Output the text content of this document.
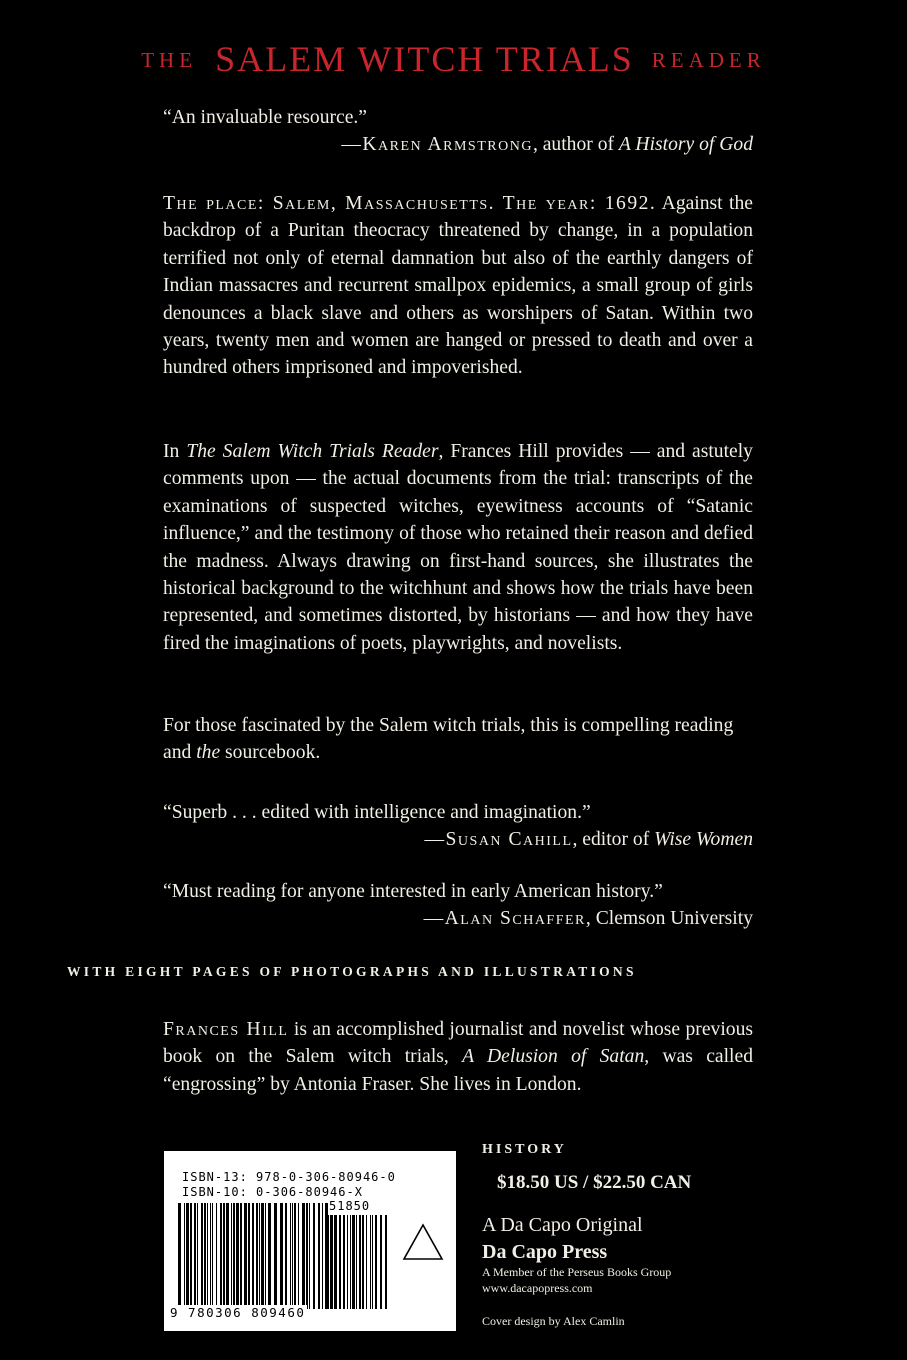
THE SALEM WITCH TRIALS READER

“An invaluable resource.”

—Karen Armstrong, author of A History of God

The place: Salem, Massachusetts. The year: 1692. Against the backdrop of a Puritan theocracy threatened by change, in a population terrified not only of eternal damnation but also of the earthly dangers of Indian massacres and recurrent smallpox epidemics, a small group of girls denounces a black slave and others as worshipers of Satan. Within two years, twenty men and women are hanged or pressed to death and over a hundred others imprisoned and impoverished.

In The Salem Witch Trials Reader, Frances Hill provides — and astutely comments upon — the actual documents from the trial: transcripts of the examinations of suspected witches, eyewitness accounts of “Satanic influence,” and the testimony of those who retained their reason and defied the madness. Always drawing on first-hand sources, she illustrates the historical background to the witchhunt and shows how the trials have been represented, and sometimes distorted, by historians — and how they have fired the imaginations of poets, playwrights, and novelists.

For those fascinated by the Salem witch trials, this is compelling reading and the sourcebook.

“Superb . . . edited with intelligence and imagination.”

—Susan Cahill, editor of Wise Women

“Must reading for anyone interested in early American history.”

—Alan Schaffer, Clemson University

WITH EIGHT PAGES OF PHOTOGRAPHS AND ILLUSTRATIONS

Frances Hill is an accomplished journalist and novelist whose previous book on the Salem witch trials, A Delusion of Satan, was called “engrossing” by Antonia Fraser. She lives in London.

ISBN-13: 978-0-306-80946-0
ISBN-10: 0-306-80946-X
51850
9 780306 809460
HISTORY
$18.50 US / $22.50 CAN
A Da Capo Original
Da Capo Press
A Member of the Perseus Books Group
www.dacapopress.com
Cover design by Alex Camlin
